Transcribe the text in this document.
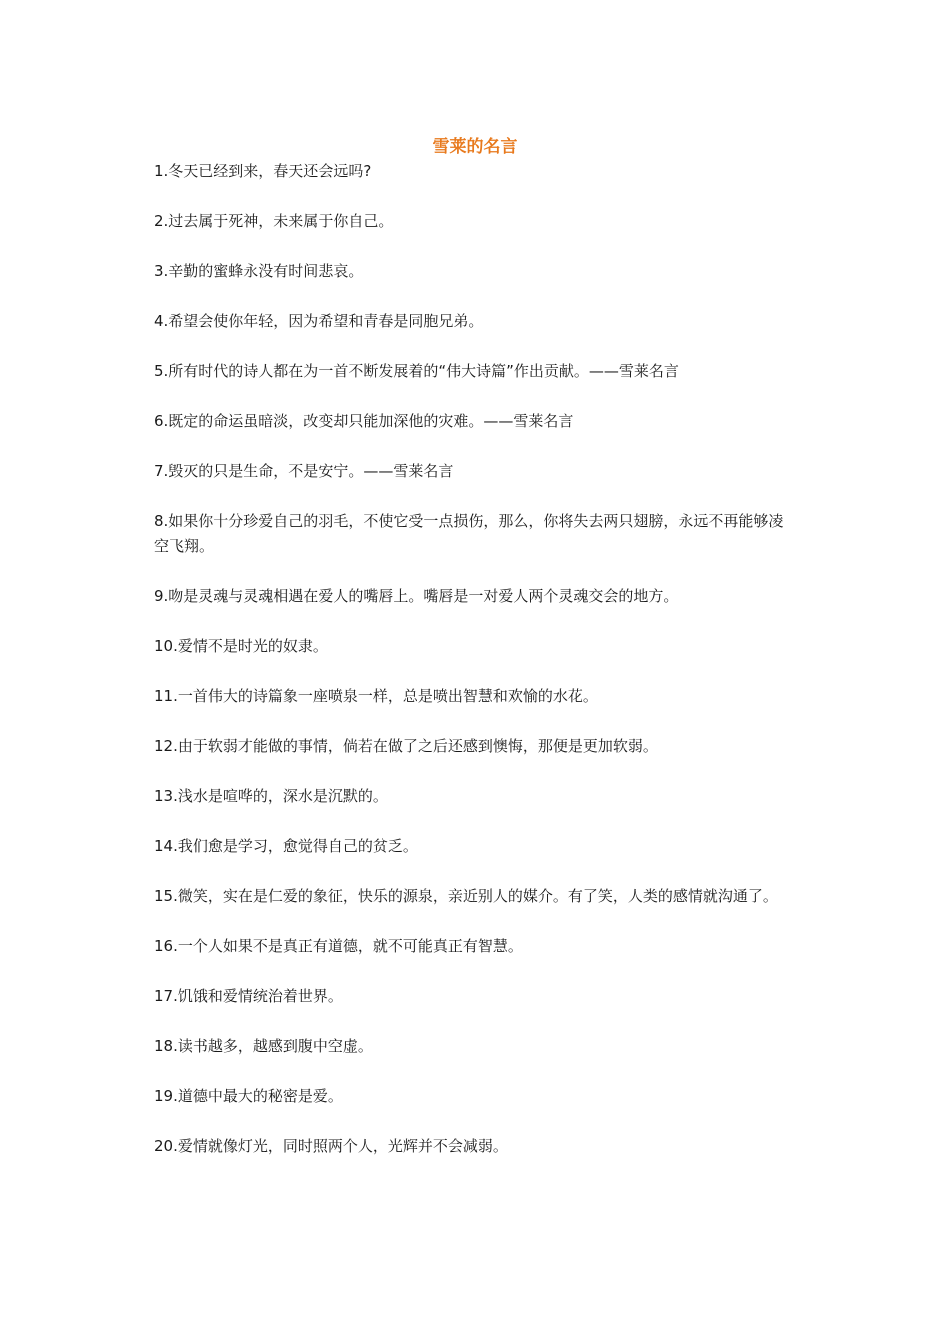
雪莱的名言
1.冬天已经到来，春天还会远吗?
2.过去属于死神，未来属于你自己。
3.辛勤的蜜蜂永没有时间悲哀。
4.希望会使你年轻，因为希望和青春是同胞兄弟。
5.所有时代的诗人都在为一首不断发展着的“伟大诗篇”作出贡献。——雪莱名言
6.既定的命运虽暗淡，改变却只能加深他的灾难。——雪莱名言
7.毁灭的只是生命，不是安宁。——雪莱名言
8.如果你十分珍爱自己的羽毛，不使它受一点损伤，那么，你将失去两只翅膀，永远不再能够凌空飞翔。
9.吻是灵魂与灵魂相遇在爱人的嘴唇上。嘴唇是一对爱人两个灵魂交会的地方。
10.爱情不是时光的奴隶。
11.一首伟大的诗篇象一座喷泉一样，总是喷出智慧和欢愉的水花。
12.由于软弱才能做的事情，倘若在做了之后还感到懊悔，那便是更加软弱。
13.浅水是喧哗的，深水是沉默的。
14.我们愈是学习，愈觉得自己的贫乏。
15.微笑，实在是仁爱的象征，快乐的源泉，亲近别人的媒介。有了笑，人类的感情就沟通了。
16.一个人如果不是真正有道德，就不可能真正有智慧。
17.饥饿和爱情统治着世界。
18.读书越多，越感到腹中空虚。
19.道德中最大的秘密是爱。
20.爱情就像灯光，同时照两个人，光辉并不会减弱。
